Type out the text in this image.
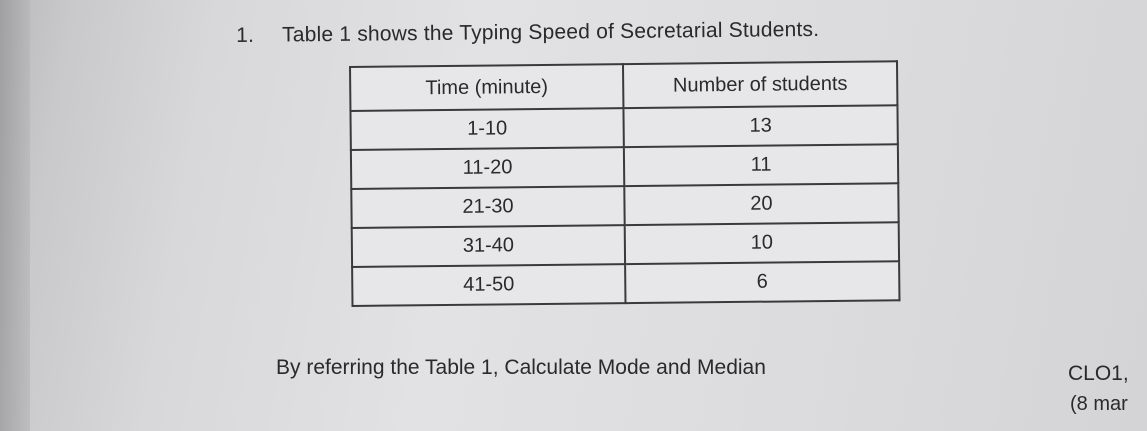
1. Table 1 shows the Typing Speed of Secretarial Students.
Time (minute)	Number of students
1-10	13
11-20	11
21-30	20
31-40	10
41-50	6
By referring the Table 1, Calculate Mode and Median	CLO1,
(8 mar
